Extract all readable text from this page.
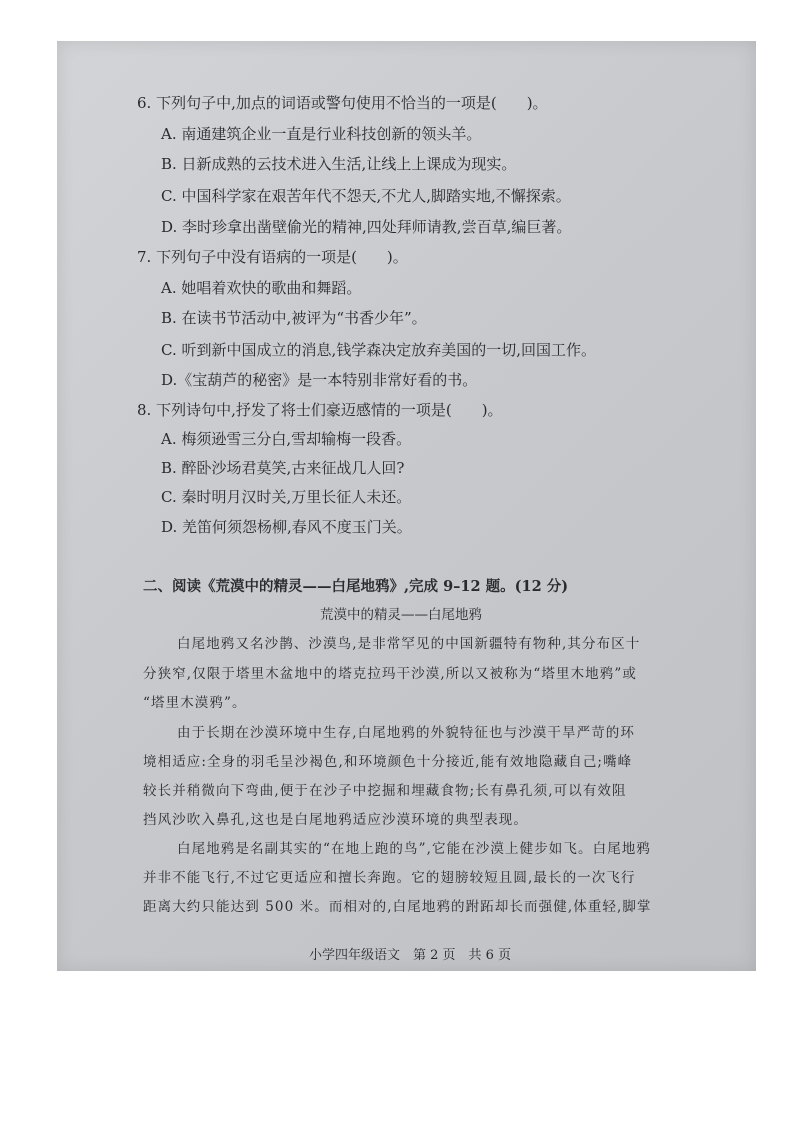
6. 下列句子中,加点的词语或警句使用不恰当的一项是(　　)。
A. 南通建筑企业一直是行业科技创新的领头羊。
B. 日新成熟的云技术进入生活,让线上上课成为现实。
C. 中国科学家在艰苦年代不怨天,不尤人,脚踏实地,不懈探索。
D. 李时珍拿出凿壁偷光的精神,四处拜师请教,尝百草,编巨著。
7. 下列句子中没有语病的一项是(　　)。
A. 她唱着欢快的歌曲和舞蹈。
B. 在读书节活动中,被评为“书香少年”。
C. 听到新中国成立的消息,钱学森决定放弃美国的一切,回国工作。
D.《宝葫芦的秘密》是一本特别非常好看的书。
8. 下列诗句中,抒发了将士们豪迈感情的一项是(　　)。
A. 梅须逊雪三分白,雪却输梅一段香。
B. 醉卧沙场君莫笑,古来征战几人回?
C. 秦时明月汉时关,万里长征人未还。
D. 羌笛何须怨杨柳,春风不度玉门关。
二、阅读《荒漠中的精灵——白尾地鸦》,完成 9–12 题。(12 分)
荒漠中的精灵——白尾地鸦
白尾地鸦又名沙鹊、沙漠鸟,是非常罕见的中国新疆特有物种,其分布区十
分狭窄,仅限于塔里木盆地中的塔克拉玛干沙漠,所以又被称为“塔里木地鸦”或
“塔里木漠鸦”。
由于长期在沙漠环境中生存,白尾地鸦的外貌特征也与沙漠干旱严苛的环
境相适应:全身的羽毛呈沙褐色,和环境颜色十分接近,能有效地隐藏自己;嘴峰
较长并稍微向下弯曲,便于在沙子中挖掘和埋藏食物;长有鼻孔须,可以有效阻
挡风沙吹入鼻孔,这也是白尾地鸦适应沙漠环境的典型表现。
白尾地鸦是名副其实的“在地上跑的鸟”,它能在沙漠上健步如飞。白尾地鸦
并非不能飞行,不过它更适应和擅长奔跑。它的翅膀较短且圆,最长的一次飞行
距离大约只能达到 500 米。而相对的,白尾地鸦的跗跖却长而强健,体重轻,脚掌
小学四年级语文　第 2 页　共 6 页
